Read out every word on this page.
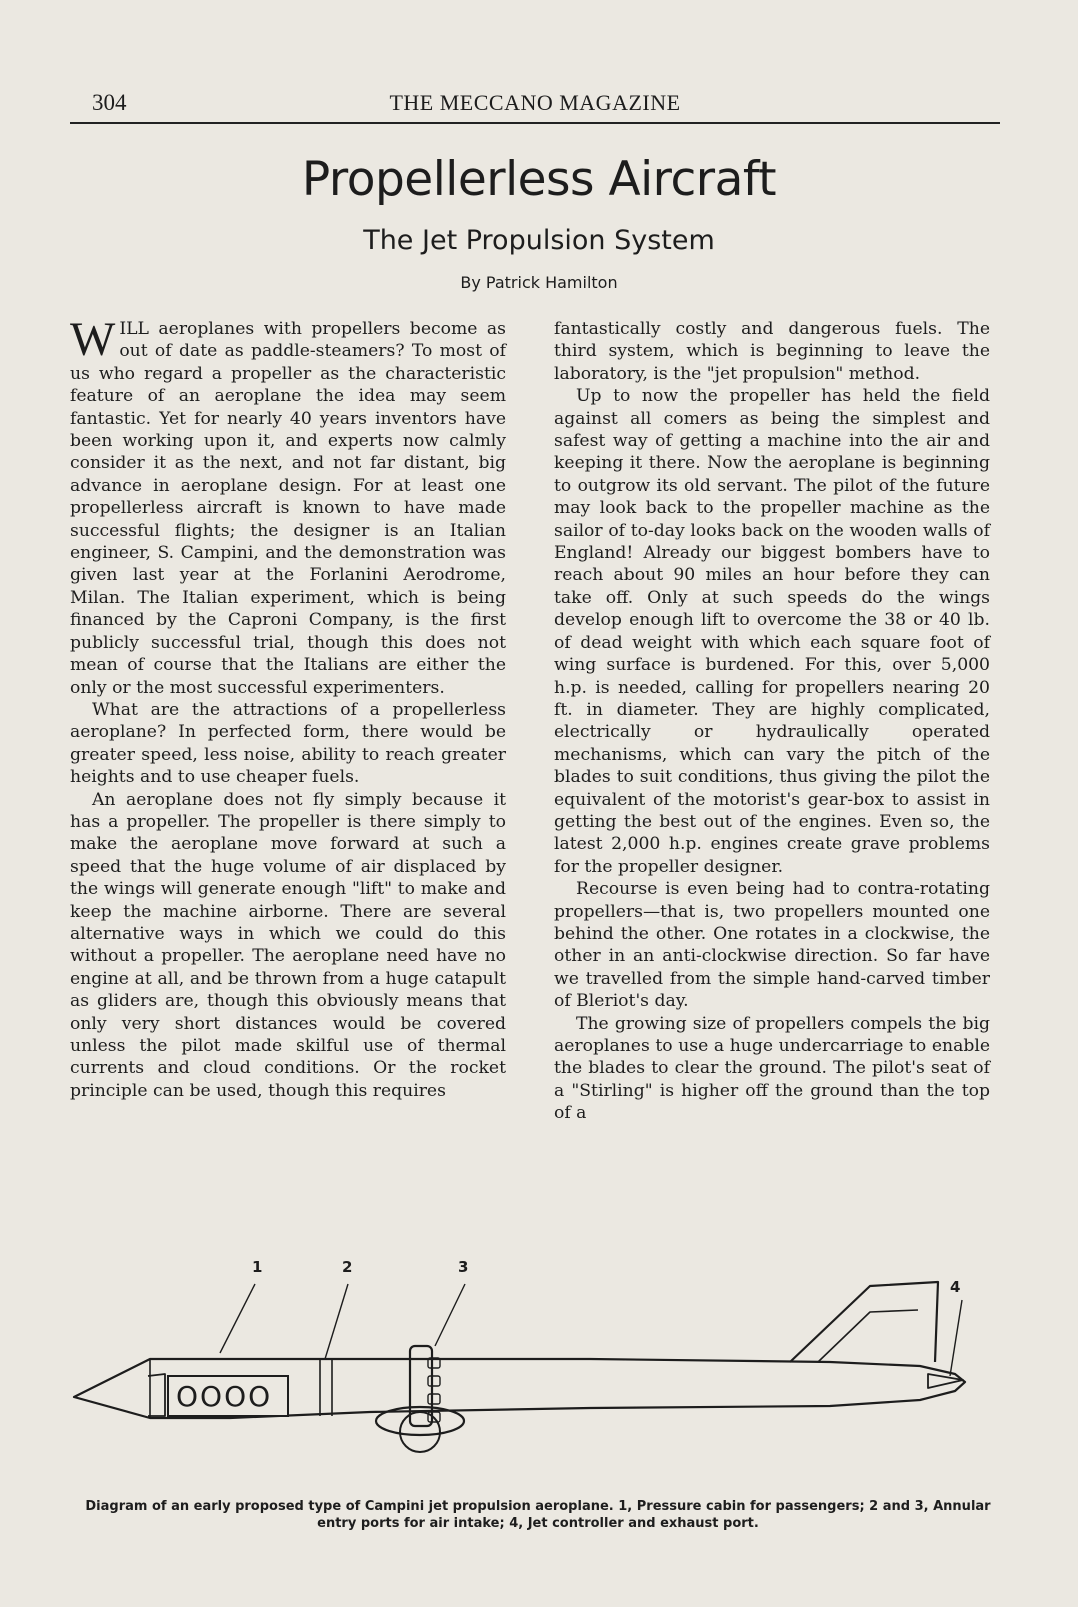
304	THE MECCANO MAGAZINE
Propellerless Aircraft
The Jet Propulsion System
By Patrick Hamilton

WILL aeroplanes with propellers become as out of date as paddle-steamers? To most of us who regard a propeller as the characteristic feature of an aeroplane the idea may seem fantastic. Yet for nearly 40 years inventors have been working upon it, and experts now calmly consider it as the next, and not far distant, big advance in aeroplane design. For at least one propellerless aircraft is known to have made successful flights; the designer is an Italian engineer, S. Campini, and the demonstration was given last year at the Forlanini Aerodrome, Milan. The Italian experiment, which is being financed by the Caproni Company, is the first publicly successful trial, though this does not mean of course that the Italians are either the only or the most successful experimenters.

What are the attractions of a propellerless aeroplane? In perfected form, there would be greater speed, less noise, ability to reach greater heights and to use cheaper fuels.

An aeroplane does not fly simply because it has a propeller. The propeller is there simply to make the aeroplane move forward at such a speed that the huge volume of air displaced by the wings will generate enough "lift" to make and keep the machine airborne. There are several alternative ways in which we could do this without a propeller. The aeroplane need have no engine at all, and be thrown from a huge catapult as gliders are, though this obviously means that only very short distances would be covered unless the pilot made skilful use of thermal currents and cloud conditions. Or the rocket principle can be used, though this requires

fantastically costly and dangerous fuels. The third system, which is beginning to leave the laboratory, is the "jet propulsion" method.

Up to now the propeller has held the field against all comers as being the simplest and safest way of getting a machine into the air and keeping it there. Now the aeroplane is beginning to outgrow its old servant. The pilot of the future may look back to the propeller machine as the sailor of to-day looks back on the wooden walls of England! Already our biggest bombers have to reach about 90 miles an hour before they can take off. Only at such speeds do the wings develop enough lift to overcome the 38 or 40 lb. of dead weight with which each square foot of wing surface is burdened. For this, over 5,000 h.p. is needed, calling for propellers nearing 20 ft. in diameter. They are highly complicated, electrically or hydraulically operated mechanisms, which can vary the pitch of the blades to suit conditions, thus giving the pilot the equivalent of the motorist's gear-box to assist in getting the best out of the engines. Even so, the latest 2,000 h.p. engines create grave problems for the propeller designer.

Recourse is even being had to contra-rotating propellers—that is, two propellers mounted one behind the other. One rotates in a clockwise, the other in an anti-clockwise direction. So far have we travelled from the simple hand-carved timber of Bleriot's day.

The growing size of propellers compels the big aeroplanes to use a huge undercarriage to enable the blades to clear the ground. The pilot's seat of a "Stirling" is higher off the ground than the top of a

OOOO
1	2	3
4
Diagram of an early proposed type of Campini jet propulsion aeroplane. 1, Pressure cabin for passengers; 2 and 3, Annular entry ports for air intake; 4, Jet controller and exhaust port.
